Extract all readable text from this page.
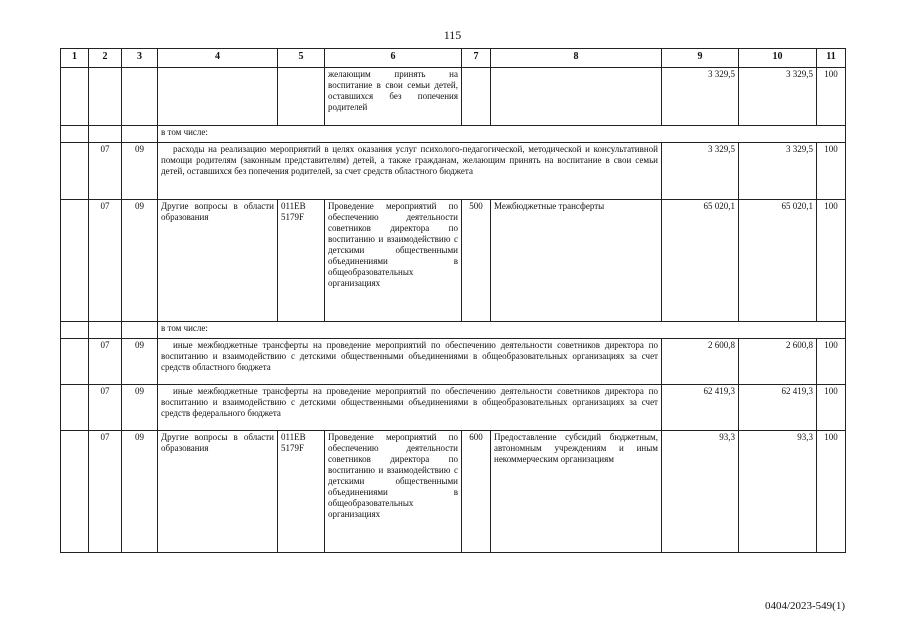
115
1	2	3	4	5	6	7	8	9	10	11
					желающим принять на воспитание в свои семьи детей, оставшихся без попечения родителей			3 329,5	3 329,5	100
			в том числе:							
	07	09	расходы на реализацию мероприятий в целях оказания услуг психолого-педагогической, методической и консультативной помощи родителям (законным представителям) детей, а также гражданам, желающим принять на воспитание в свои семьи детей, оставшихся без попечения родителей, за счет средств областного бюджета					3 329,5	3 329,5	100
	07	09	Другие вопросы в области образования	011ЕВ 5179F	Проведение мероприятий по обеспечению деятельности советников директора по воспитанию и взаимодействию с детскими общественными объединениями в общеобразовательных организациях	500	Межбюджетные трансферты	65 020,1	65 020,1	100
			в том числе:							
	07	09	иные межбюджетные трансферты на проведение мероприятий по обеспечению деятельности советников директора по воспитанию и взаимодействию с детскими общественными объединениями в общеобразовательных организациях за счет средств областного бюджета					2 600,8	2 600,8	100
	07	09	иные межбюджетные трансферты на проведение мероприятий по обеспечению деятельности советников директора по воспитанию и взаимодействию с детскими общественными объединениями в общеобразовательных организациях за счет средств федерального бюджета					62 419,3	62 419,3	100
	07	09	Другие вопросы в области образования	011ЕВ 5179F	Проведение мероприятий по обеспечению деятельности советников директора по воспитанию и взаимодействию с детскими общественными объединениями в общеобразовательных организациях	600	Предоставление субсидий бюджетным, автономным учреждениям и иным некоммерческим организациям	93,3	93,3	100
0404/2023-549(1)
